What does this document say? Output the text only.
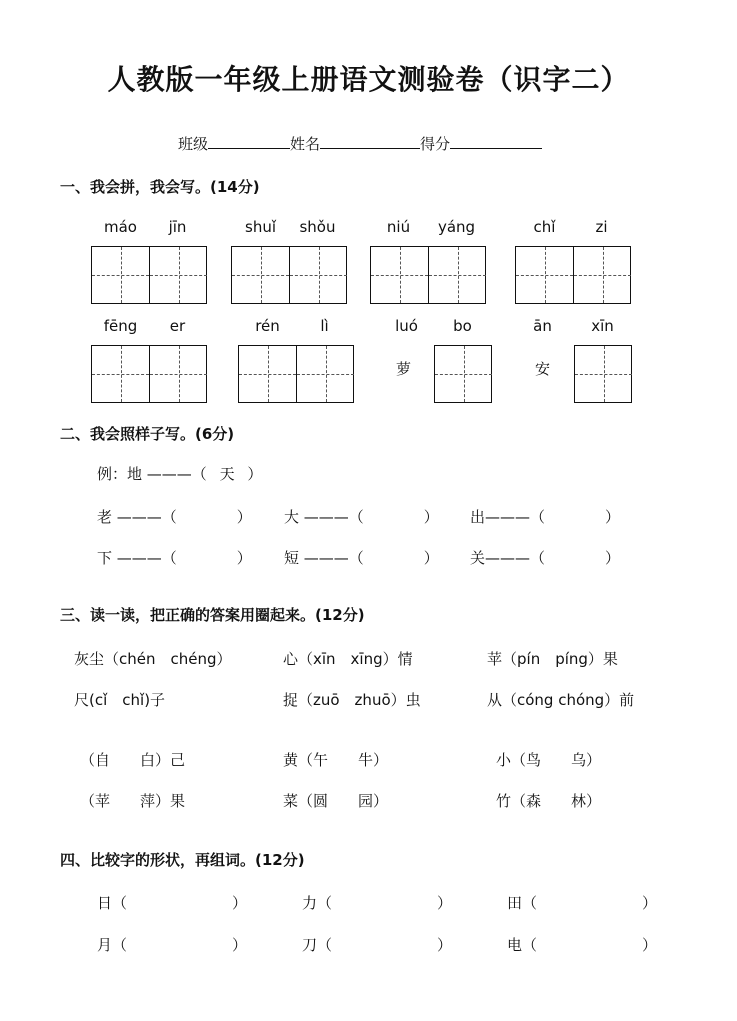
人教版一年级上册语文测验卷（识字二）
班级	姓名	得分
一、我会拼，我会写。(14分)
máo	jīn	shuǐ	shǒu	niú	yáng	chǐ	zi
fēng	er	rén	lì	luó	bo	ān	xīn
萝	安
二、我会照样子写。(6分)
例：地 ———（ 天 ）
老 ———（　　　　） 大 ———（　　　　） 出———（　　　　）
下 ———（　　　　） 短 ———（　　　　） 关———（　　　　）
三、读一读，把正确的答案用圈起来。(12分)
灰尘（chén　chéng）	心（xīn　xīng）情	苹（pín　píng）果
尺(cǐ　chǐ)子	捉（zuō　zhuō）虫	从（cóng chóng）前
（自　　白）己	黄（午　　牛）	小（鸟　　乌）
（苹　　萍）果	菜（圆　　园）	竹（森　　林）
四、比较字的形状，再组词。(12分)
日（　　　　　　　）	力（　　　　　　　）	田（　　　　　　　）
月（　　　　　　　）	刀（　　　　　　　）	电（　　　　　　　）
